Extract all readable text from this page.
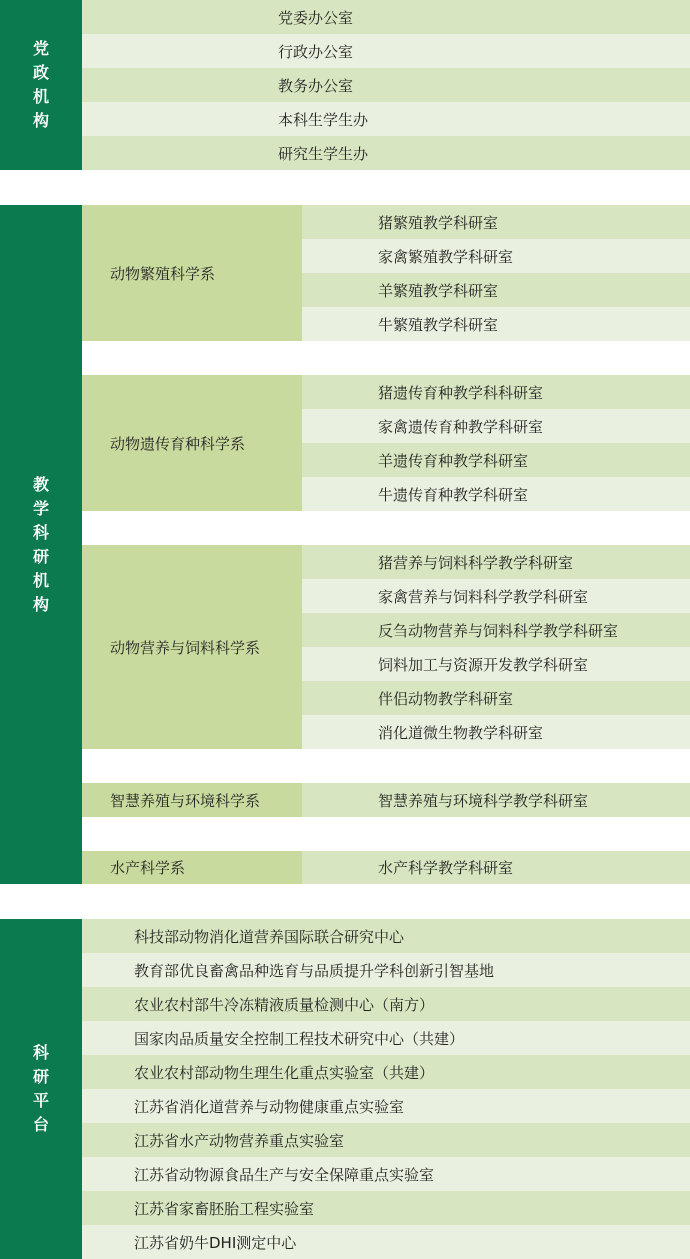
党政机构
党委办公室
行政办公室
教务办公室
本科生学生办
研究生学生办
教学科研机构
动物繁殖科学系
猪繁殖教学科研室
家禽繁殖教学科研室
羊繁殖教学科研室
牛繁殖教学科研室
动物遗传育种科学系
猪遗传育种教学科科研室
家禽遗传育种教学科研室
羊遗传育种教学科研室
牛遗传育种教学科研室
动物营养与饲料科学系
猪营养与饲料科学教学科研室
家禽营养与饲料科学教学科研室
反刍动物营养与饲料科学教学科研室
饲料加工与资源开发教学科研室
伴侣动物教学科研室
消化道微生物教学科研室
智慧养殖与环境科学系	智慧养殖与环境科学教学科研室
水产科学系	水产科学教学科研室
科研平台
科技部动物消化道营养国际联合研究中心
教育部优良畜禽品种选育与品质提升学科创新引智基地
农业农村部牛冷冻精液质量检测中心（南方）
国家肉品质量安全控制工程技术研究中心（共建）
农业农村部动物生理生化重点实验室（共建）
江苏省消化道营养与动物健康重点实验室
江苏省水产动物营养重点实验室
江苏省动物源食品生产与安全保障重点实验室
江苏省家畜胚胎工程实验室
江苏省奶牛DHI测定中心
